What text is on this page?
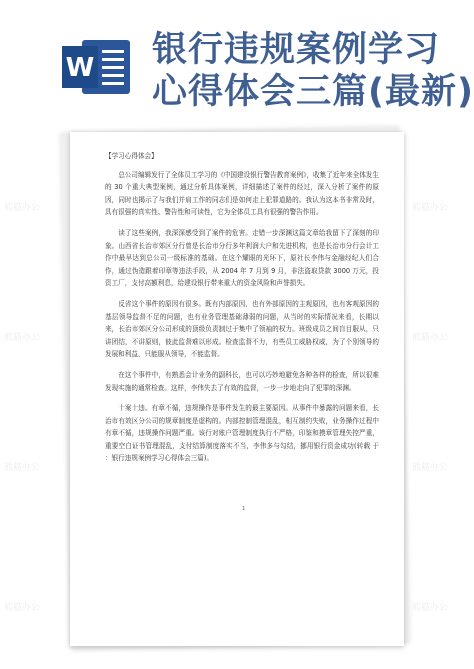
W 银行违规案例学习
心得体会三篇(最新)

【学习心得体会】

总公司编辑发行了全体员工学习的《中国建设银行警告教育案例》，收集了近年来全体发生的 30 个重大典型案例，通过分析具体案例，详细描述了案件的经过，深入分析了案件的原因，同时也揭示了与我们并肩工作的同志们是如何走上犯罪道路的。我认为这本书非常及时，具有很强的真实性、警告性和可读性，它为全体员工具有很强的警告作用。

读了这些案例，我深深感受到了案件的危害。走错一步深渊这篇文章给我留下了深刻的印象。山西省长治市郊区分行曾是长治市分行多年利润大户和先进机构，也是长治市分行会计工作中最早达到总公司一级标准的基础。在这个耀眼的光环下，原社长李伟与金融经纪人们合作，通过伪造跟着印章等违法手段，从 2004 年 7 月到 9 月，非法盗取贷款 3000 万元，投资工厂，支付高额利息，给建设银行带来重大的资金风险和声誉损失。

反省这个事件的原因有很多。既有内部原因，也有外部原因的主观原因，也有客观原因的基层领导监督不足的问题，也有业务管理基础薄弱的问题，从当时的实际情况来看，长期以来，长治市郊区分公司形成的顶级负责制过于集中了领袖的权力。班级成员之间盲目服从，只讲团结，不讲原则，彼此监督难以形成。检查监督不力，有些员工威胁权威，为了个别领导的发展和利益，只能服从领导，不能监督。

在这个事件中，有熟悉会计业务的副科长，也可以巧妙地避免各种各样的检查，所以很难发现实施的通常检查。这样，李伟失去了有效的监督，一步一步地走向了犯罪的深渊。

十案十违。有章不循，违规操作是事件发生的最主要原因。从事件中暴露的问题来看，长治市有效区分公司的规章制度是虚构的。内部控制管理混乱，相互制约失败，业务操作过程中有章不循，违规操作问题严重。该行对账户管理制度执行不严格，印鉴和摸章管理失控严重，重要空白证书管理混乱，支付结算制度落实不当，李伟多与勾结，挪用银行资金成功(转载 于 ：银行违规案例学习心得体会三篇)。

1
熊猫办公	熊猫办公
熊猫办公	熊猫办公
熊猫办公	熊猫办公
熊猫办公	熊猫办公
